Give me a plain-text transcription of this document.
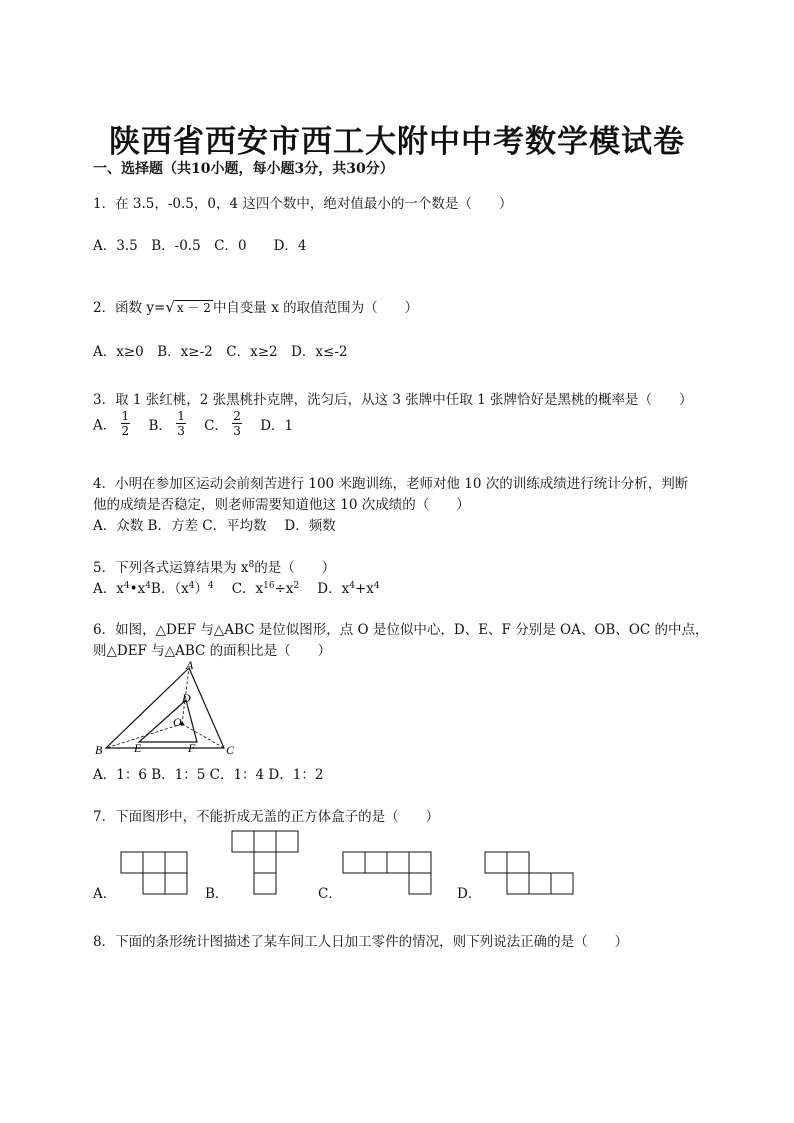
陕西省西安市西工大附中中考数学模试卷
一、选择题（共10小题，每小题3分，共30分）
1．在 3.5，-0.5，0，4 这四个数中，绝对值最小的一个数是（　　）
A．3.5　B．-0.5　C．0　　D．4
2．函数 y=√ x － 2 中自变量 x 的取值范围为（　　）
A．x≥0　B．x≥-2　C．x≥2　D．x≤-2
3．取 1 张红桃，2 张黑桃扑克牌，洗匀后，从这 3 张牌中任取 1 张牌恰好是黑桃的概率是（　　）
A． $\frac{1}{2}$ B． $\frac{1}{3}$ C． $\frac{2}{3}$ D．1
4．小明在参加区运动会前刻苦进行 100 米跑训练，老师对他 10 次的训练成绩进行统计分析，判断
他的成绩是否稳定，则老师需要知道他这 10 次成绩的（　　）
A．众数 B．方差 C．平均数　 D．频数
5．下列各式运算结果为 $x^8$的是（　　）
A．$x^4•x^4B$．$(x^4)^4$ C．$x^{16}\div x^2$ D．$x^4+x^4$
6．如图，△DEF 与△ABC 是位似图形，点 O 是位似中心，D、E、F 分别是 OA、OB、OC 的中点，
则△DEF 与△ABC 的面积比是（　　）
A
B	C
D
E	F
O
A．1：6 B．1：5 C．1：4 D．1：2
7．下面图形中，不能折成无盖的正方体盒子的是（　　）
A．	B．	C．	D．
8．下面的条形统计图描述了某车间工人日加工零件的情况，则下列说法正确的是（　　）
